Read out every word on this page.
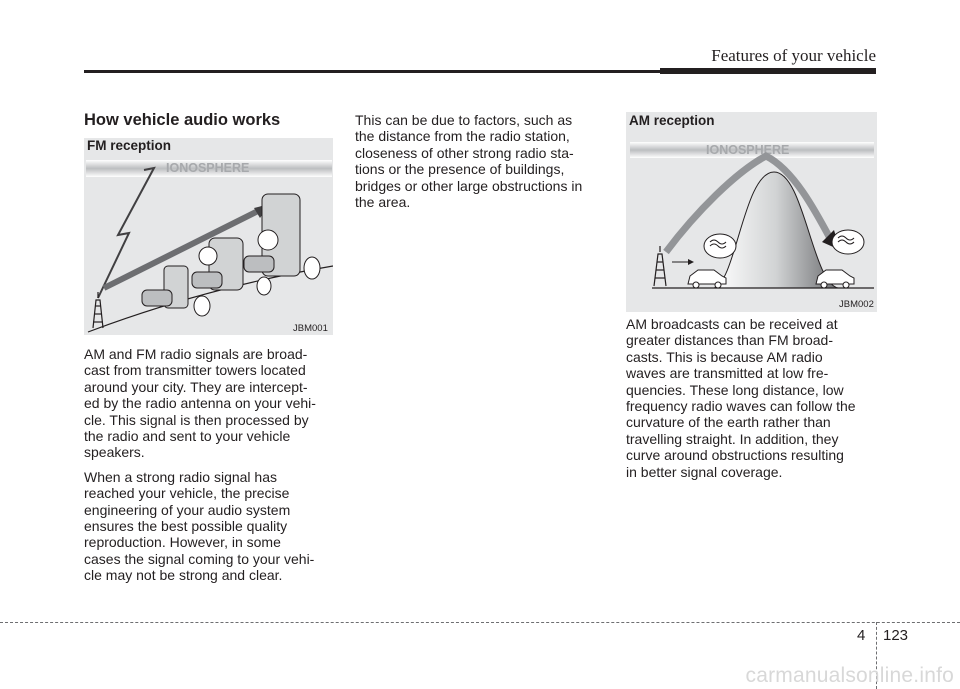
Features of your vehicle
How vehicle audio works
IONOSPHERE
FM reception
JBM001
IONOSPHERE
AM reception
JBM002

AM and FM radio signals are broad-
cast from transmitter towers located
around your city. They are intercept-
ed by the radio antenna on your vehi-
cle. This signal is then processed by
the radio and sent to your vehicle
speakers.

When a strong radio signal has
reached your vehicle, the precise
engineering of your audio system
ensures the best possible quality
reproduction. However, in some
cases the signal coming to your vehi-
cle may not be strong and clear.

This can be due to factors, such as
the distance from the radio station,
closeness of other strong radio sta-
tions or the presence of buildings,
bridges or other large obstructions in
the area.

AM broadcasts can be received at
greater distances than FM broad-
casts. This is because AM radio
waves are transmitted at low fre-
quencies. These long distance, low
frequency radio waves can follow the
curvature of the earth rather than
travelling straight. In addition, they
curve around obstructions resulting
in better signal coverage.

4 123
carmanualsonline.info
